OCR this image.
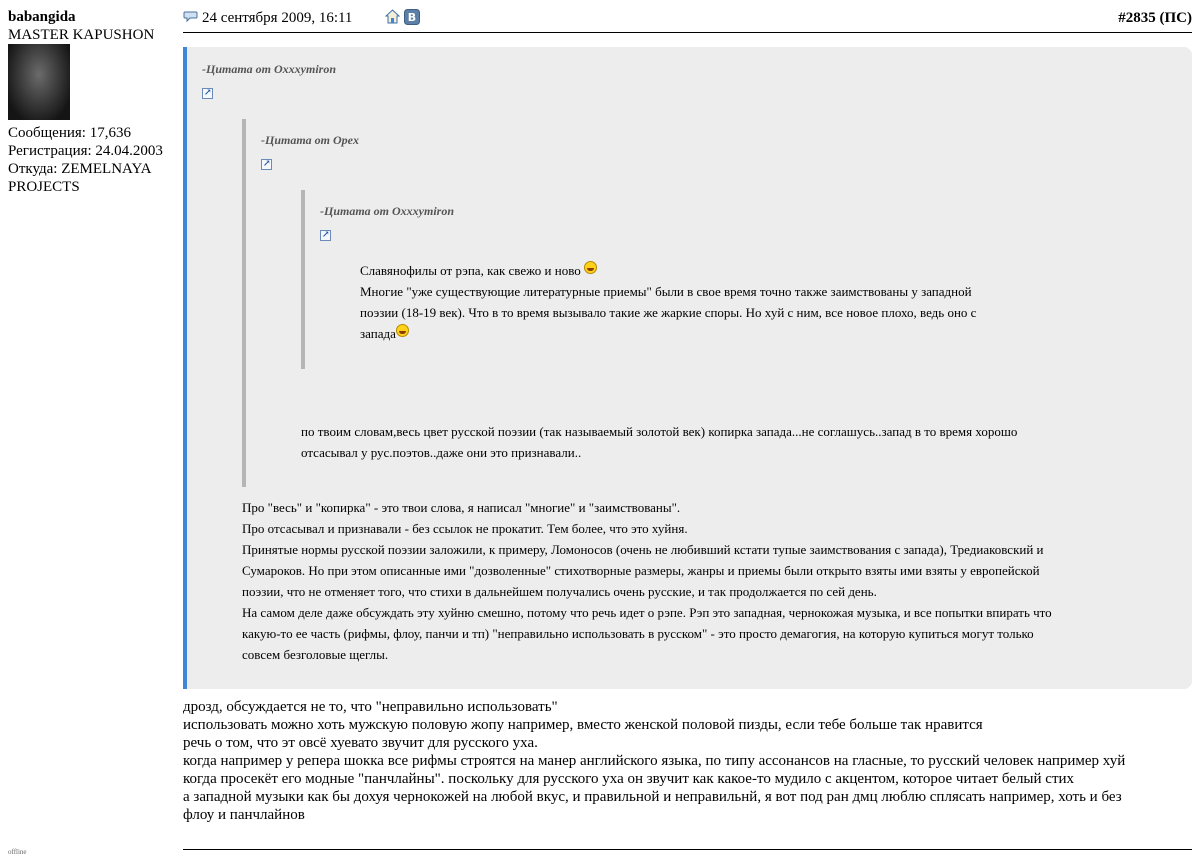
babangida
MASTER KAPUSHON
Сообщения: 17,636
Регистрация: 24.04.2003
Откуда: ZEMELNAYA PROJECTS
offline
24 сентября 2009, 16:11	B	#2835 (ПС)
-Цитата от Oxxxymiron
↗
-Цитата от Opex
↗
-Цитата от Oxxxymiron
↗
Славянофилы от рэпа, как свежо и ново
Многие "уже существующие литературные приемы" были в свое время точно также заимствованы у западной
поэзии (18-19 век). Что в то время вызывало такие же жаркие споры. Но хуй с ним, все новое плохо, ведь оно с
запада
по твоим словам,весь цвет русской поэзии (так называемый золотой век) копирка запада...не соглашусь..запад в то время хорошо
отсасывал у рус.поэтов..даже они это признавали..
Про "весь" и "копирка" - это твои слова, я написал "многие" и "заимствованы".
Про отсасывал и признавали - без ссылок не прокатит. Тем более, что это хуйня.
Принятые нормы русской поэзии заложили, к примеру, Ломоносов (очень не любивший кстати тупые заимствования с запада), Тредиаковский и
Сумароков. Но при этом описанные ими "дозволенные" стихотворные размеры, жанры и приемы были открыто взяты ими взяты у европейской
поэзии, что не отменяет того, что стихи в дальнейшем получались очень русские, и так продолжается по сей день.
На самом деле даже обсуждать эту хуйню смешно, потому что речь идет о рэпе. Рэп это западная, чернокожая музыка, и все попытки впирать что
какую-то ее часть (рифмы, флоу, панчи и тп) "неправильно использовать в русском" - это просто демагогия, на которую купиться могут только
совсем безголовые щеглы.
дрозд, обсуждается не то, что "неправильно использовать"
использовать можно хоть мужскую половую жопу например, вместо женской половой пизды, если тебе больше так нравится
речь о том, что эт овсё хуевато звучит для русского уха.
когда например у репера шокка все рифмы строятся на манер английского языка, по типу ассонансов на гласные, то русский человек например хуй
когда просекёт его модные "панчлайны". поскольку для русского уха он звучит как какое-то мудило с акцентом, которое читает белый стих
а западной музыки как бы дохуя чернокожей на любой вкус, и правильной и неправильнй, я вот под ран дмц люблю сплясать например, хоть и без
флоу и панчлайнов
